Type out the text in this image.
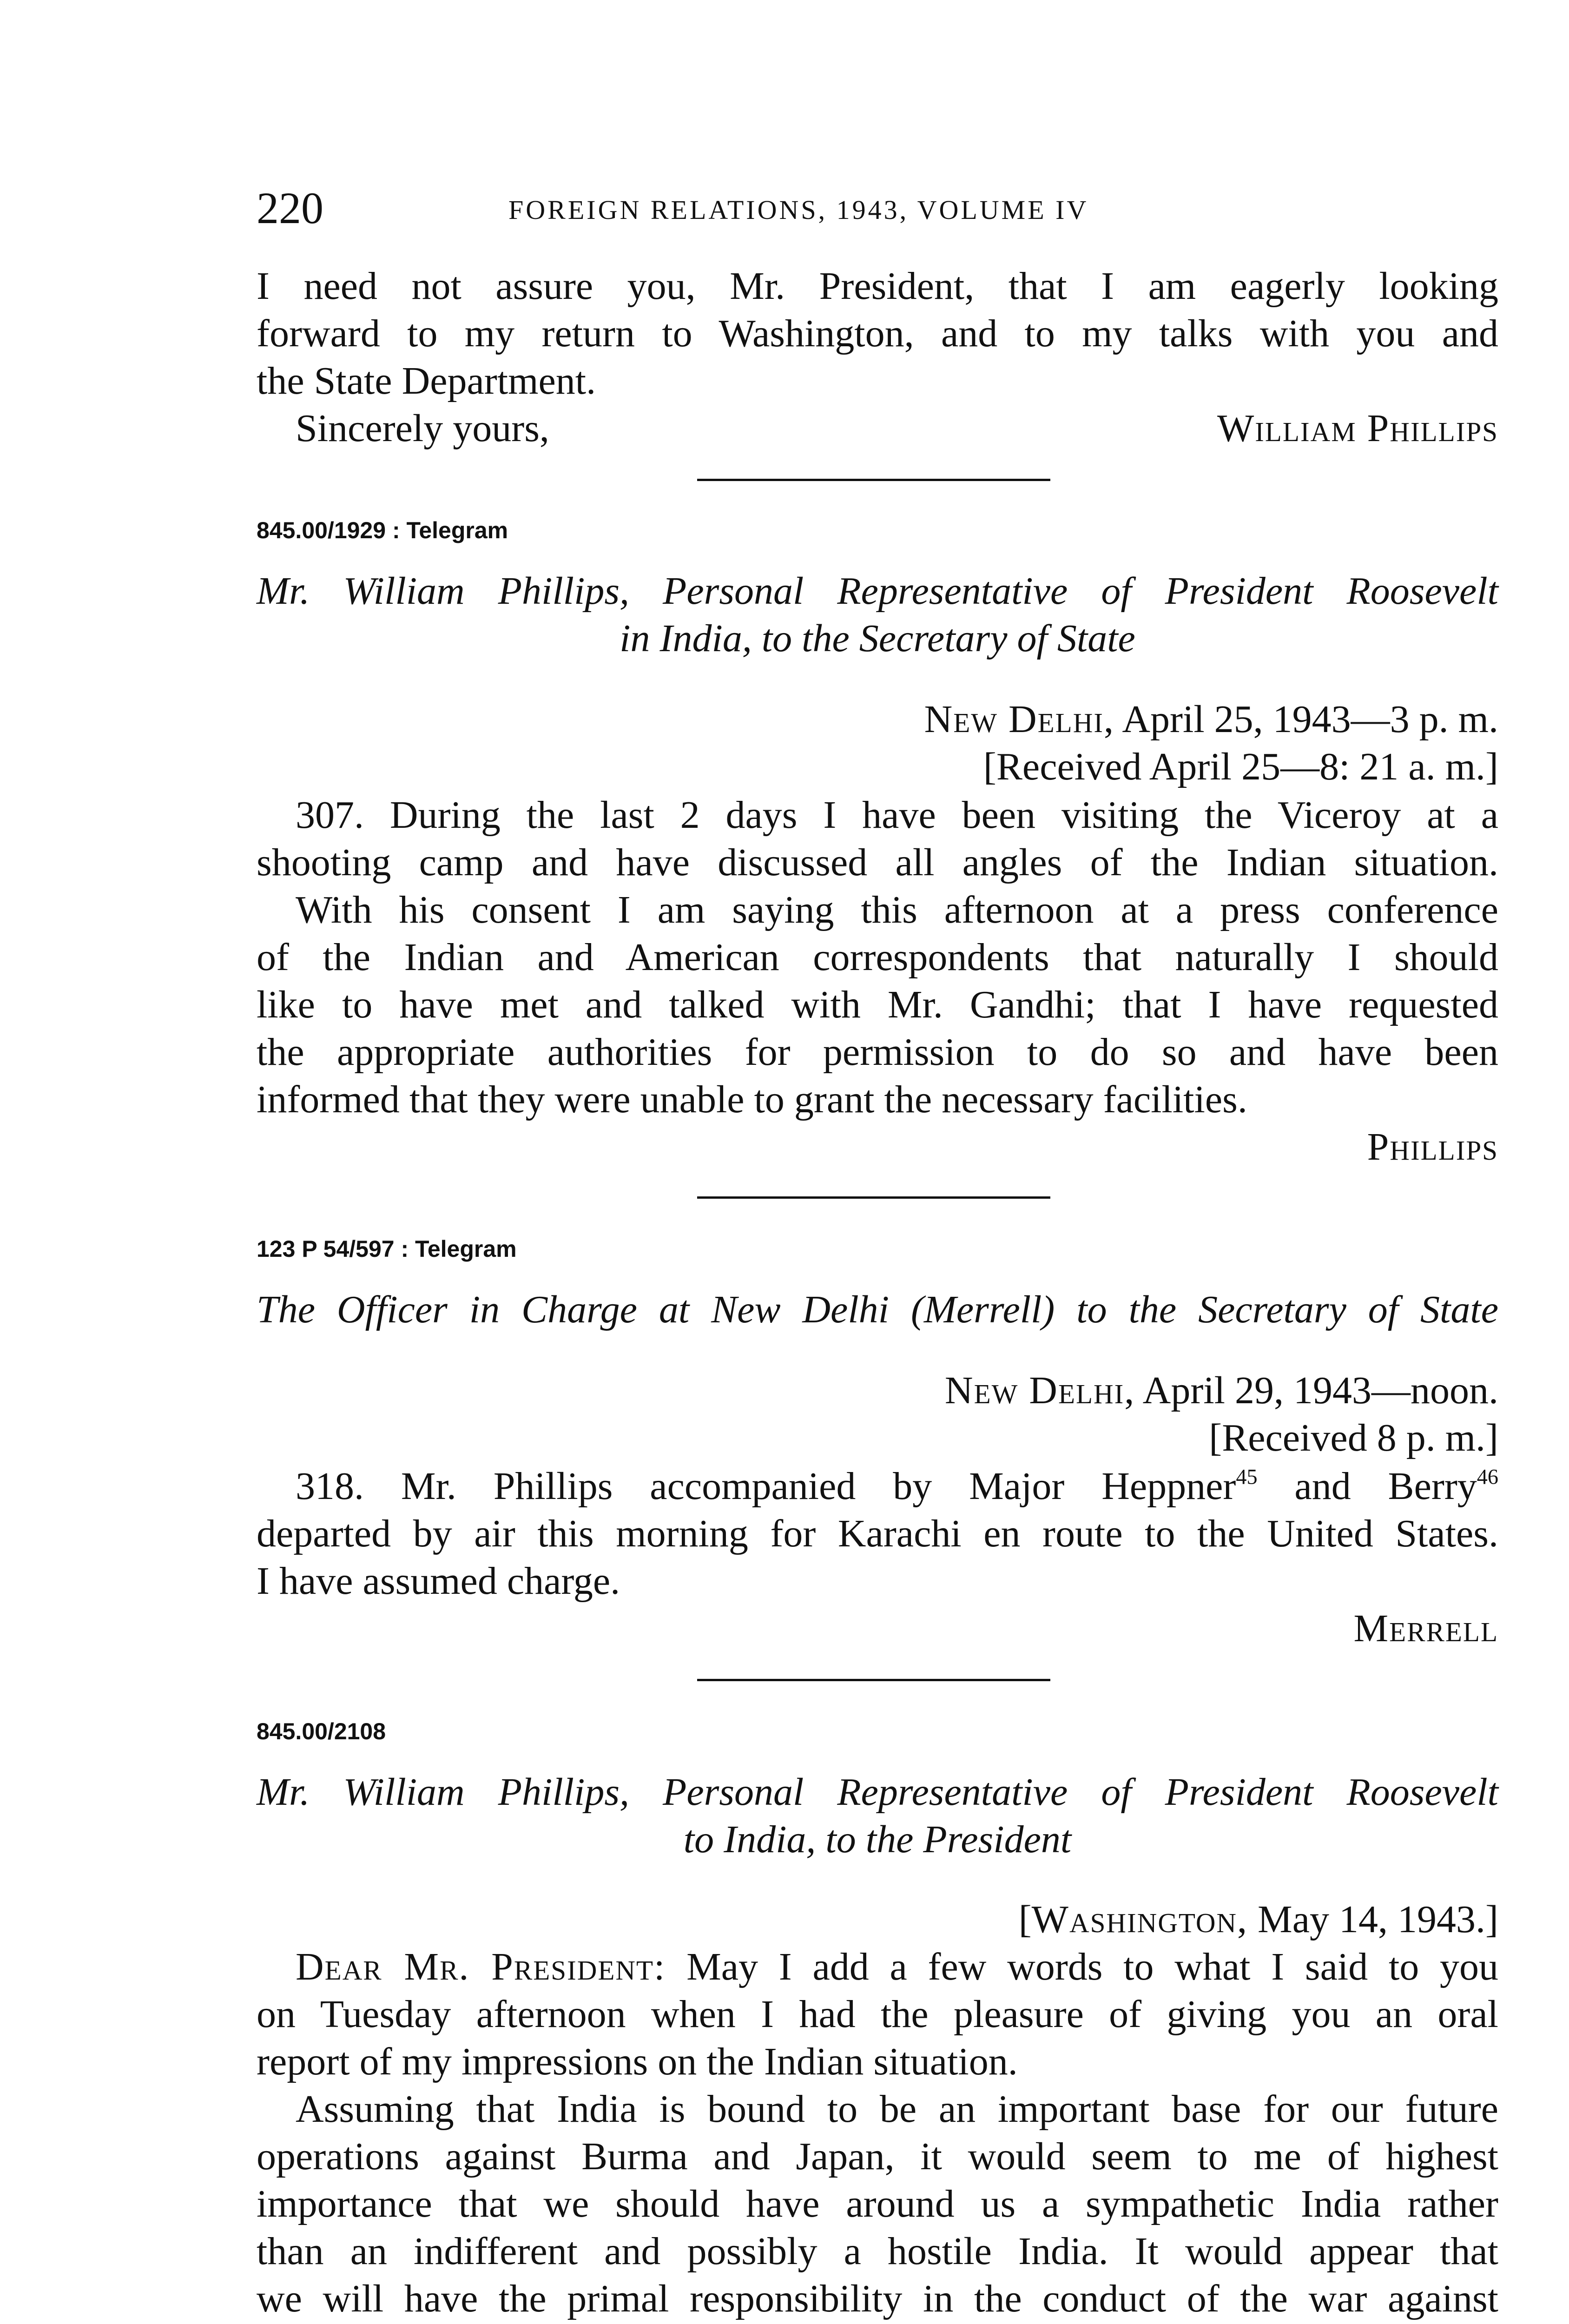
220	FOREIGN RELATIONS, 1943, VOLUME IV
I need not assure you, Mr. President, that I am eagerly looking
forward to my return to Washington, and to my talks with you and
the State Department.
Sincerely yours,	William Phillips
845.00/1929 : Telegram
Mr. William Phillips, Personal Representative of President Roosevelt
in India, to the Secretary of State
New Delhi, April 25, 1943—3 p. m.
[Received April 25—8: 21 a. m.]
307. During the last 2 days I have been visiting the Viceroy at a
shooting camp and have discussed all angles of the Indian situation.
With his consent I am saying this afternoon at a press conference
of the Indian and American correspondents that naturally I should
like to have met and talked with Mr. Gandhi; that I have requested
the appropriate authorities for permission to do so and have been
informed that they were unable to grant the necessary facilities.
Phillips
123 P 54/597 : Telegram
The Officer in Charge at New Delhi (Merrell) to the Secretary of State
New Delhi, April 29, 1943—noon.
[Received 8 p. m.]
318. Mr. Phillips accompanied by Major Heppner$^{45}$ and Berry$^{46}$
departed by air this morning for Karachi en route to the United States.
I have assumed charge.
Merrell
845.00/2108
Mr. William Phillips, Personal Representative of President Roosevelt
to India, to the President
[Washington, May 14, 1943.]
Dear Mr. President: May I add a few words to what I said to you
on Tuesday afternoon when I had the pleasure of giving you an oral
report of my impressions on the Indian situation.
Assuming that India is bound to be an important base for our future
operations against Burma and Japan, it would seem to me of highest
importance that we should have around us a sympathetic India rather
than an indifferent and possibly a hostile India. It would appear that
we will have the primal responsibility in the conduct of the war against
